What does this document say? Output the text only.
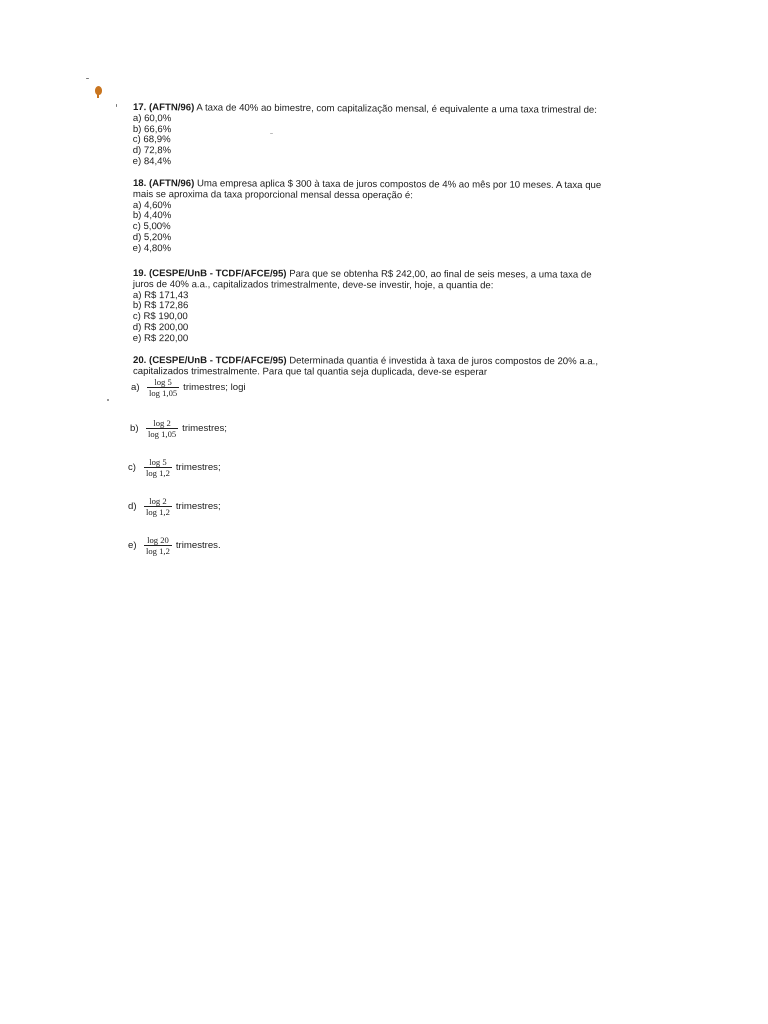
17. (AFTN/96) A taxa de 40% ao bimestre, com capitalização mensal, é equivalente a uma taxa trimestral de:
a) 60,0%
b) 66,6%
c) 68,9%
d) 72,8%
e) 84,4%
18. (AFTN/96) Uma empresa aplica $ 300 à taxa de juros compostos de 4% ao mês por 10 meses. A taxa que
mais se aproxima da taxa proporcional mensal dessa operação é:
a) 4,60%
b) 4,40%
c) 5,00%
d) 5,20%
e) 4,80%
19. (CESPE/UnB - TCDF/AFCE/95) Para que se obtenha R$ 242,00, ao final de seis meses, a uma taxa de
juros de 40% a.a., capitalizados trimestralmente, deve-se investir, hoje, a quantia de:
a) R$ 171,43
b) R$ 172,86
c) R$ 190,00
d) R$ 200,00
e) R$ 220,00
20. (CESPE/UnB - TCDF/AFCE/95) Determinada quantia é investida à taxa de juros compostos de 20% a.a.,
capitalizados trimestralmente. Para que tal quantia seja duplicada, deve-se esperar
$a) \frac{\log 5}{\log 1,05}$ trimestres; logi
$b) \frac{\log 2}{\log 1,05}$ trimestres;
$c) \frac{\log 5}{\log 1,2}$ trimestres;
$d) \frac{\log 2}{\log 1,2}$ trimestres;
$e) \frac{\log 20}{\log 1,2}$ trimestres.
